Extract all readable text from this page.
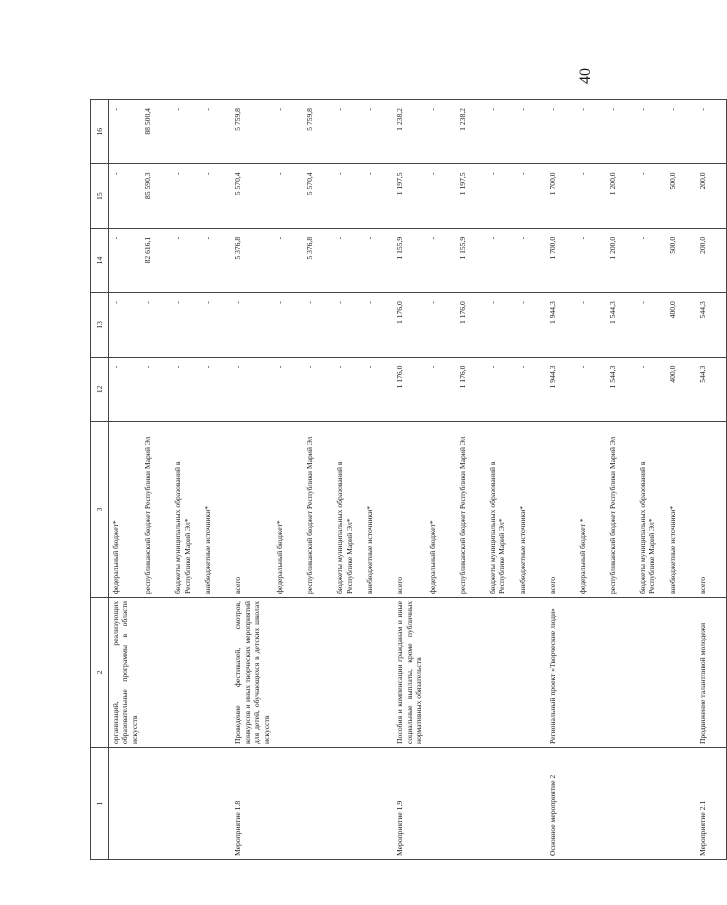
40
1	2	3	12	13	14	15	16
	организаций, реализующих образовательные программы в области искусств	федеральный бюджет*	-	-	-	-	-
		республиканский бюджет Республики Марий Эл	-	-	82 616,1	85 590,3	88 500,4
		бюджеты муниципальных образований в Республике Марий Эл*	-	-	-	-	-
		внебюджетные источники*	-	-	-	-	-

Мероприятие 1.8	Проведение фестивалей, смотров, конкурсов и иных творческих мероприятий для детей, обучающихся в детских школах искусств	всего	-	-	5 376,8	5 570,4	5 759,8
		федеральный бюджет*	-	-	-	-	-
		республиканский бюджет Республики Марий Эл	-	-	5 376,8	5 570,4	5 759,8
		бюджеты муниципальных образований в Республике Марий Эл*	-	-	-	-	-
		внебюджетные источники*	-	-	-	-	-

Мероприятие 1.9	Пособия и компенсации гражданам и иные социальные выплаты, кроме публичных нормативных обязательств	всего	1 176,0	1 176,0	1 155,9	1 197,5	1 238,2
		федеральный бюджет*	-	-	-	-	-
		республиканский бюджет Республики Марий Эл	1 176,0	1 176,0	1 155,9	1 197,5	1 238,2
		бюджеты муниципальных образований в Республике Марий Эл*	-	-	-	-	-
		внебюджетные источники*	-	-	-	-	-

Основное мероприятие 2	Региональный проект «Творческие люди»	всего	1 944,3	1 944,3	1 700,0	1 700,0	-
		федеральный бюджет *	-	-	-	-	-
		республиканский бюджет Республики Марий Эл	1 544,3	1 544,3	1 200,0	1 200,0	-
		бюджеты муниципальных образований в Республике Марий Эл*	-	-	-	-	-
		внебюджетные источники*	400,0	400,0	500,0	500,0	-

Мероприятие 2.1	Продвижение талантливой молодежи	всего	544,3	544,3	200,0	200,0	-
